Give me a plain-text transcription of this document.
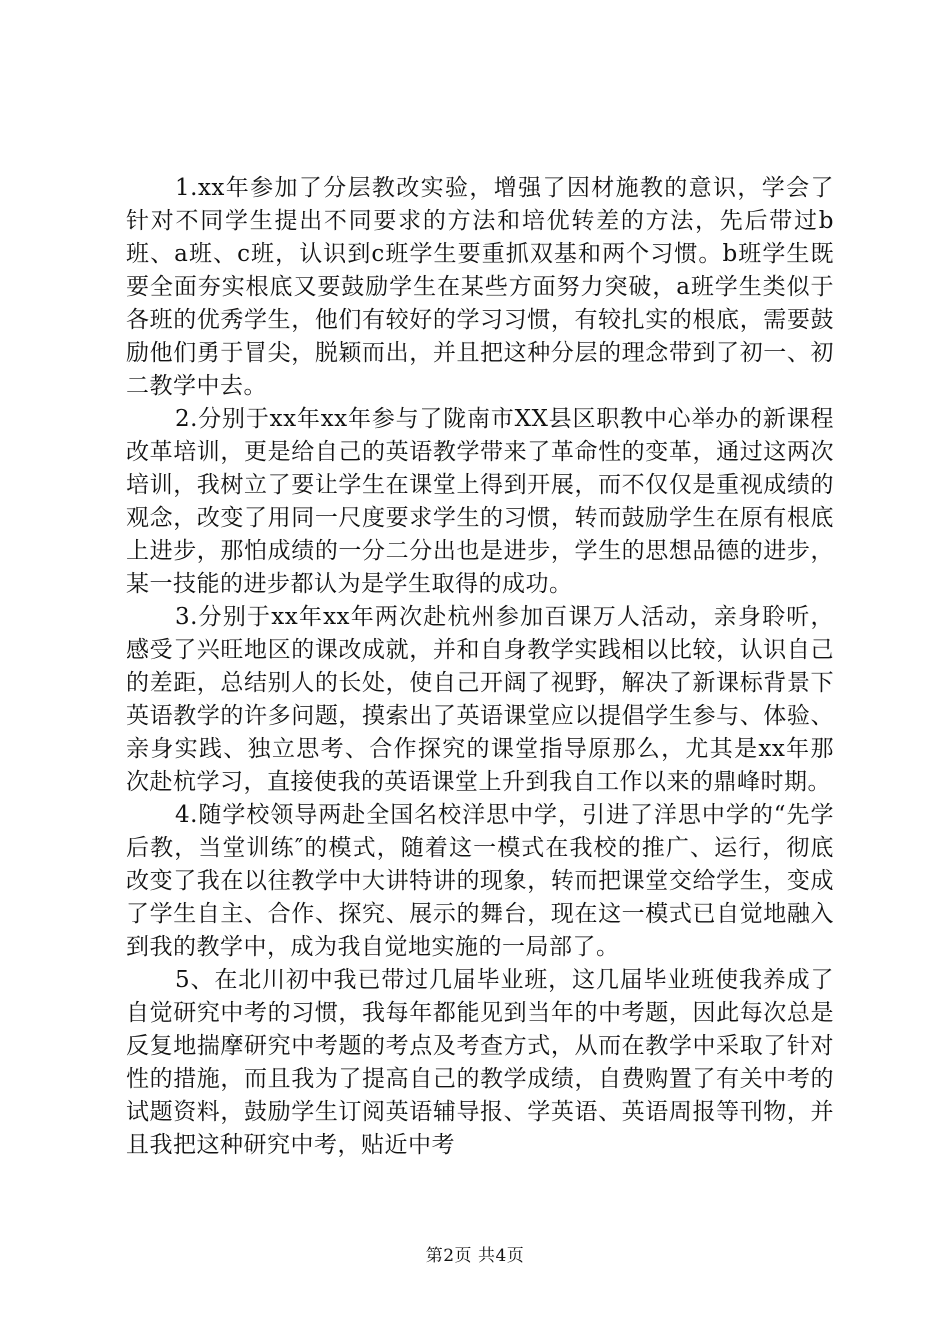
1.xx年参加了分层教改实验，增强了因材施教的意识，学会了针对不同学生提出不同要求的方法和培优转差的方法，先后带过b班、a班、c班，认识到c班学生要重抓双基和两个习惯。b班学生既要全面夯实根底又要鼓励学生在某些方面努力突破，a班学生类似于各班的优秀学生，他们有较好的学习习惯，有较扎实的根底，需要鼓励他们勇于冒尖，脱颖而出，并且把这种分层的理念带到了初一、初二教学中去。

2.分别于xx年xx年参与了陇南市XX县区职教中心举办的新课程改革培训，更是给自己的英语教学带来了革命性的变革，通过这两次培训，我树立了要让学生在课堂上得到开展，而不仅仅是重视成绩的观念，改变了用同一尺度要求学生的习惯，转而鼓励学生在原有根底上进步，那怕成绩的一分二分出也是进步，学生的思想品德的进步，某一技能的进步都认为是学生取得的成功。

3.分别于xx年xx年两次赴杭州参加百课万人活动，亲身聆听，感受了兴旺地区的课改成就，并和自身教学实践相以比较，认识自己的差距，总结别人的长处，使自己开阔了视野，解决了新课标背景下英语教学的许多问题，摸索出了英语课堂应以提倡学生参与、体验、亲身实践、独立思考、合作探究的课堂指导原那么，尤其是xx年那次赴杭学习，直接使我的英语课堂上升到我自工作以来的鼎峰时期。

4.随学校领导两赴全国名校洋思中学，引进了洋思中学的“先学后教，当堂训练″的模式，随着这一模式在我校的推广、运行，彻底改变了我在以往教学中大讲特讲的现象，转而把课堂交给学生，变成了学生自主、合作、探究、展示的舞台，现在这一模式已自觉地融入到我的教学中，成为我自觉地实施的一局部了。

5、在北川初中我已带过几届毕业班，这几届毕业班使我养成了自觉研究中考的习惯，我每年都能见到当年的中考题，因此每次总是反复地揣摩研究中考题的考点及考查方式，从而在教学中采取了针对性的措施，而且我为了提高自己的教学成绩，自费购置了有关中考的试题资料，鼓励学生订阅英语辅导报、学英语、英语周报等刊物，并且我把这种研究中考，贴近中考

第2页 共4页
